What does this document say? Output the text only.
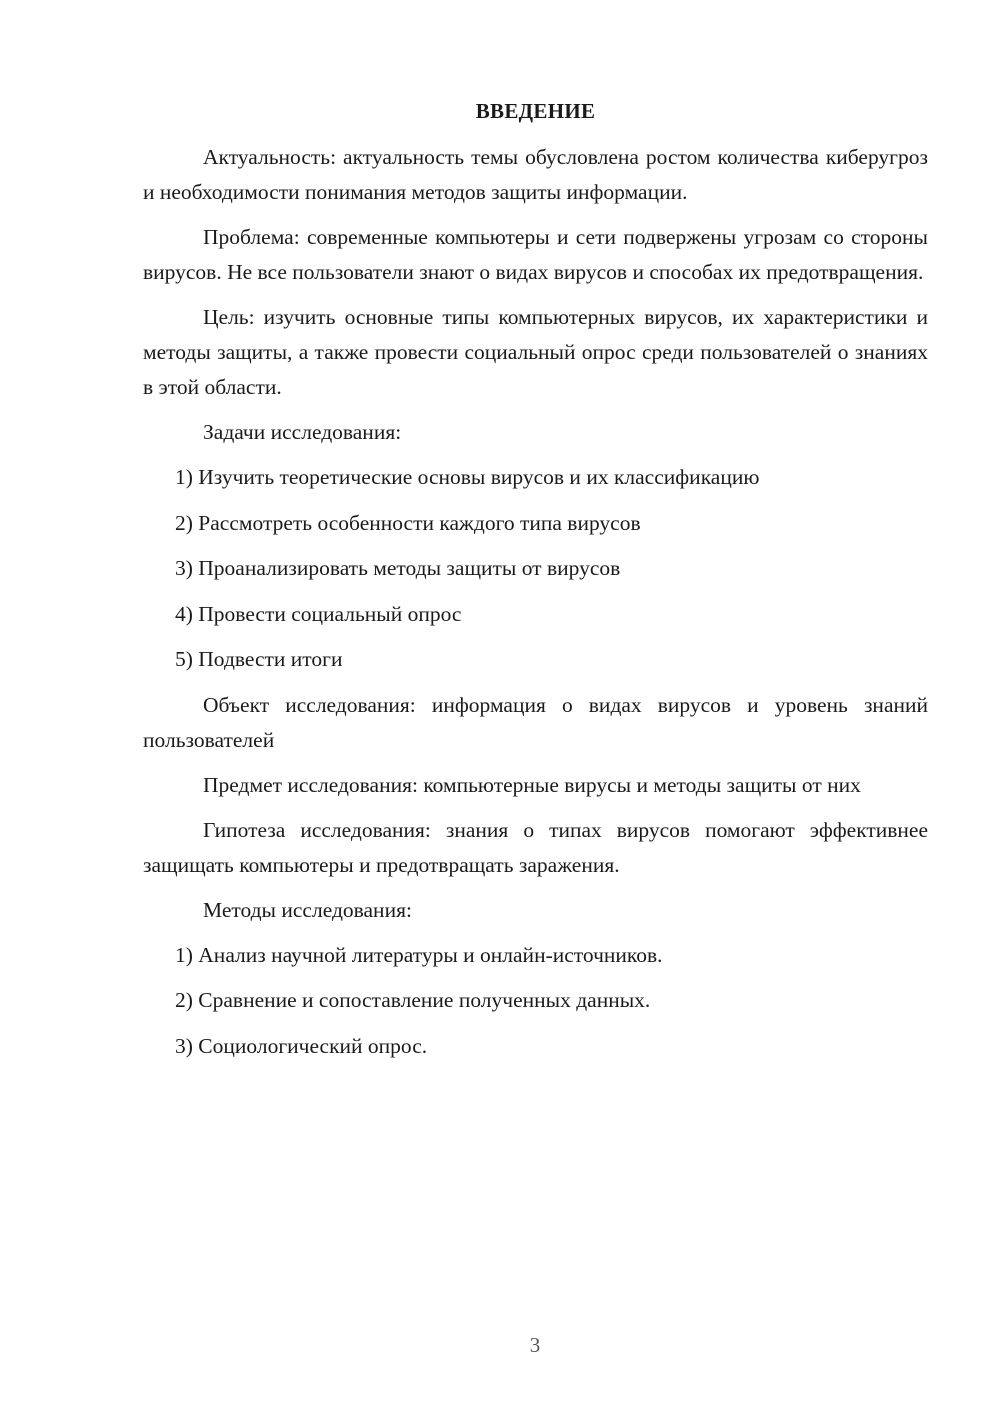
ВВЕДЕНИЕ

Актуальность: актуальность темы обусловлена ростом количества киберугроз и необходимости понимания методов защиты информации.

Проблема: современные компьютеры и сети подвержены угрозам со стороны вирусов. Не все пользователи знают о видах вирусов и способах их предотвращения.

Цель: изучить основные типы компьютерных вирусов, их характеристики и методы защиты, а также провести социальный опрос среди пользователей о знаниях в этой области.

Задачи исследования:

1) Изучить теоретические основы вирусов и их классификацию
2) Рассмотреть особенности каждого типа вирусов
3) Проанализировать методы защиты от вирусов
4) Провести социальный опрос
5) Подвести итоги

Объект исследования: информация о видах вирусов и уровень знаний пользователей

Предмет исследования: компьютерные вирусы и методы защиты от них

Гипотеза исследования: знания о типах вирусов помогают эффективнее защищать компьютеры и предотвращать заражения.

Методы исследования:

1) Анализ научной литературы и онлайн-источников.
2) Сравнение и сопоставление полученных данных.
3) Социологический опрос.
3
